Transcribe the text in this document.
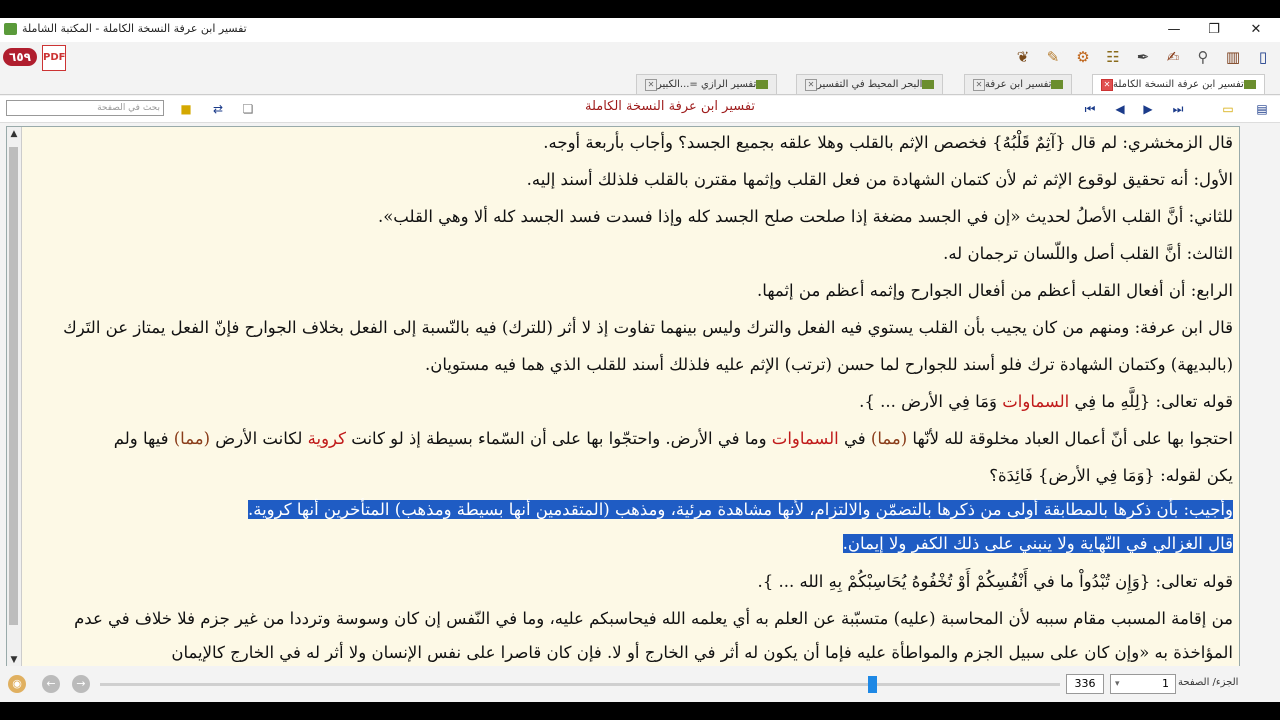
تفسير ابن عرفة النسخة الكاملة - المكتبة الشاملة	—	❐	✕
٦٥٩	PDF	❦	✎	⚙ ☷	✒	✍	⚲	▥	▯
تفسير ابن عرفة النسخة الكاملة✕
تفسير ابن عرفة✕
البحر المحيط في التفسير✕
تفسير الرازي =...الكبير✕
بحث في الصفحة	■ ⇄ ❏	تفسير ابن عرفة النسخة الكاملة	⏮ ◀ ▶ ⏭	▭ ▤
▲
▼
قال الزمخشري: لم قال {آثِمٌ قَلْبُهُ} فخصص الإثم بالقلب وهلا علقه بجميع الجسد؟ وأجاب بأربعة أوجه.
الأول: أنه تحقيق لوقوع الإثم ثم لأن كتمان الشهادة من فعل القلب وإثمها مقترن بالقلب فلذلك أسند إليه.
للثاني: أنَّ القلب الأصلُ لحديث «إن في الجسد مضغة إذا صلحت صلح الجسد كله وإذا فسدت فسد الجسد كله ألا وهي القلب».
الثالث: أنَّ القلب أصل واللّسان ترجمان له.
الرابع: أن أفعال القلب أعظم من أفعال الجوارح وإثمه أعظم من إثمها.
قال ابن عرفة: ومنهم من كان يجيب بأن القلب يستوي فيه الفعل والترك وليس بينهما تفاوت إذ لا أثر (للترك) فيه بالنّسبة إلى الفعل بخلاف الجوارح فإنّ الفعل يمتاز عن التَرك
(بالبديهة) وكتمان الشهادة ترك فلو أسند للجوارح لما حسن (ترتب) الإثم عليه فلذلك أسند للقلب الذي هما فيه مستويان.
قوله تعالى: {لِلَّهِ ما فِي السماوات وَمَا فِي الأرض ... }.
احتجوا بها على أنّ أعمال العباد مخلوقة لله لأنّها (مما) في السماوات وما في الأرض. واحتجّوا بها على أن السّماء بسيطة إذ لو كانت كروية لكانت الأرض (مما) فيها ولم
يكن لقوله: {وَمَا فِي الأرض} فَائِدَة؟
وأجيب: بأن ذكرها بالمطابقة أولى من ذكرها بالتضمّن والالتزام، لأنها مشاهدة مرئية، ومذهب (المتقدمين أنها بسيطة ومذهب) المتأخرين أنها كروية.
قال الغزالي في النّهاية ولا ينبني على ذلك الكفر ولا إيمان.
قوله تعالى: {وَإِن تُبْدُواْ ما في أَنْفُسِكُمْ أَوْ تُخْفُوهُ يُحَاسِبْكُمْ بِهِ الله ... }.
من إقامة المسبب مقام سببه لأن المحاسبة (عليه) متسبّبة عن العلم به أي يعلمه الله فيحاسبكم عليه، وما في النّفس إن كان وسوسة وترددا من غير جزم فلا خلاف في عدم
المؤاخذة به «وإن كان على سبيل الجزم والمواطأة عليه فإما أن يكون له أثر في الخارج أو لا. فإن كان قاصرا على نفس الإنسان ولا أثر له في الخارج كالإيمان
◉	←	→	336	1
▾	الجزء/ الصفحة
